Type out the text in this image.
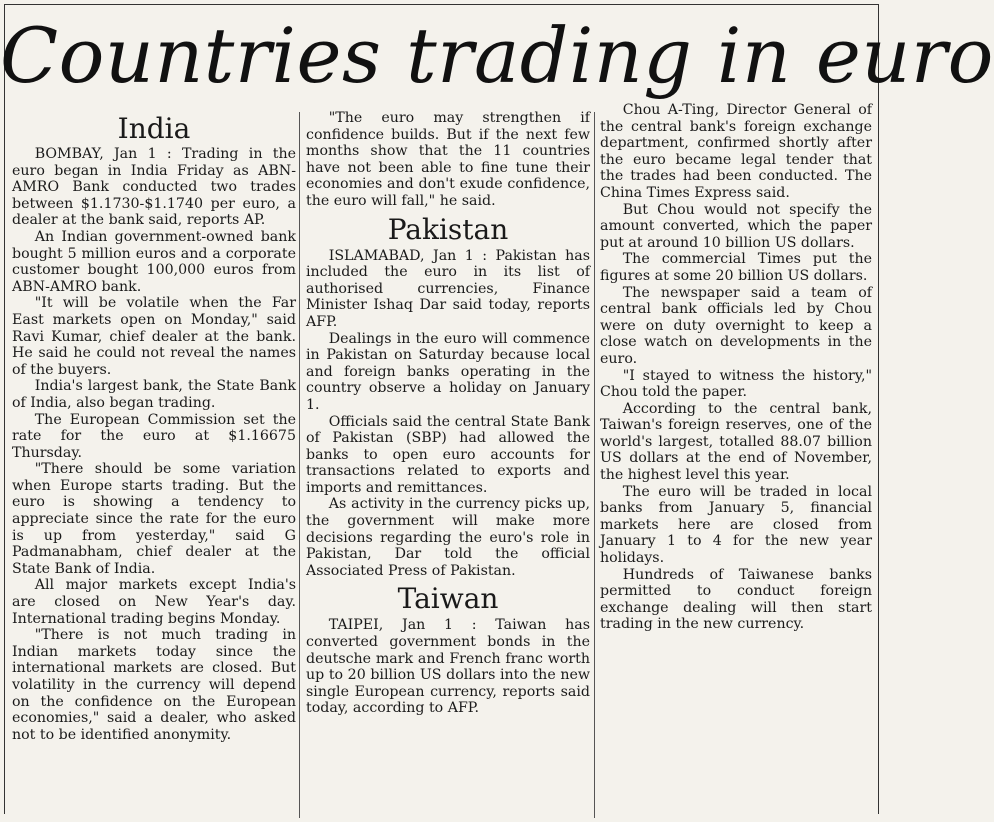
Countries trading in euro
India

BOMBAY, Jan 1 : Trading in the euro began in India Friday as ABN-AMRO Bank conducted two trades between $1.1730-$1.1740 per euro, a dealer at the bank said, reports AP.

An Indian government-owned bank bought 5 million euros and a corporate customer bought 100,000 euros from ABN-AMRO bank.

"It will be volatile when the Far East markets open on Monday," said Ravi Kumar, chief dealer at the bank. He said he could not reveal the names of the buyers.

India's largest bank, the State Bank of India, also began trading.

The European Commission set the rate for the euro at $1.16675 Thursday.

"There should be some variation when Europe starts trading. But the euro is showing a tendency to appreciate since the rate for the euro is up from yesterday," said G Padmanabham, chief dealer at the State Bank of India.

All major markets except India's are closed on New Year's day. International trading begins Monday.

"There is not much trading in Indian markets today since the international markets are closed. But volatility in the currency will depend on the confidence on the European economies," said a dealer, who asked not to be identified anonymity.

"The euro may strengthen if confidence builds. But if the next few months show that the 11 countries have not been able to fine tune their economies and don't exude confidence, the euro will fall," he said.

Pakistan

ISLAMABAD, Jan 1 : Pakistan has included the euro in its list of authorised currencies, Finance Minister Ishaq Dar said today, reports AFP.

Dealings in the euro will commence in Pakistan on Saturday because local and foreign banks operating in the country observe a holiday on January 1.

Officials said the central State Bank of Pakistan (SBP) had allowed the banks to open euro accounts for transactions related to exports and imports and remittances.

As activity in the currency picks up, the government will make more decisions regarding the euro's role in Pakistan, Dar told the official Associated Press of Pakistan.

Taiwan

TAIPEI, Jan 1 : Taiwan has converted government bonds in the deutsche mark and French franc worth up to 20 billion US dollars into the new single European currency, reports said today, according to AFP.

Chou A-Ting, Director General of the central bank's foreign exchange department, confirmed shortly after the euro became legal tender that the trades had been conducted. The China Times Express said.

But Chou would not specify the amount converted, which the paper put at around 10 billion US dollars.

The commercial Times put the figures at some 20 billion US dollars.

The newspaper said a team of central bank officials led by Chou were on duty overnight to keep a close watch on developments in the euro.

"I stayed to witness the history," Chou told the paper.

According to the central bank, Taiwan's foreign reserves, one of the world's largest, totalled 88.07 billion US dollars at the end of November, the highest level this year.

The euro will be traded in local banks from January 5, financial markets here are closed from January 1 to 4 for the new year holidays.

Hundreds of Taiwanese banks permitted to conduct foreign exchange dealing will then start trading in the new currency.
